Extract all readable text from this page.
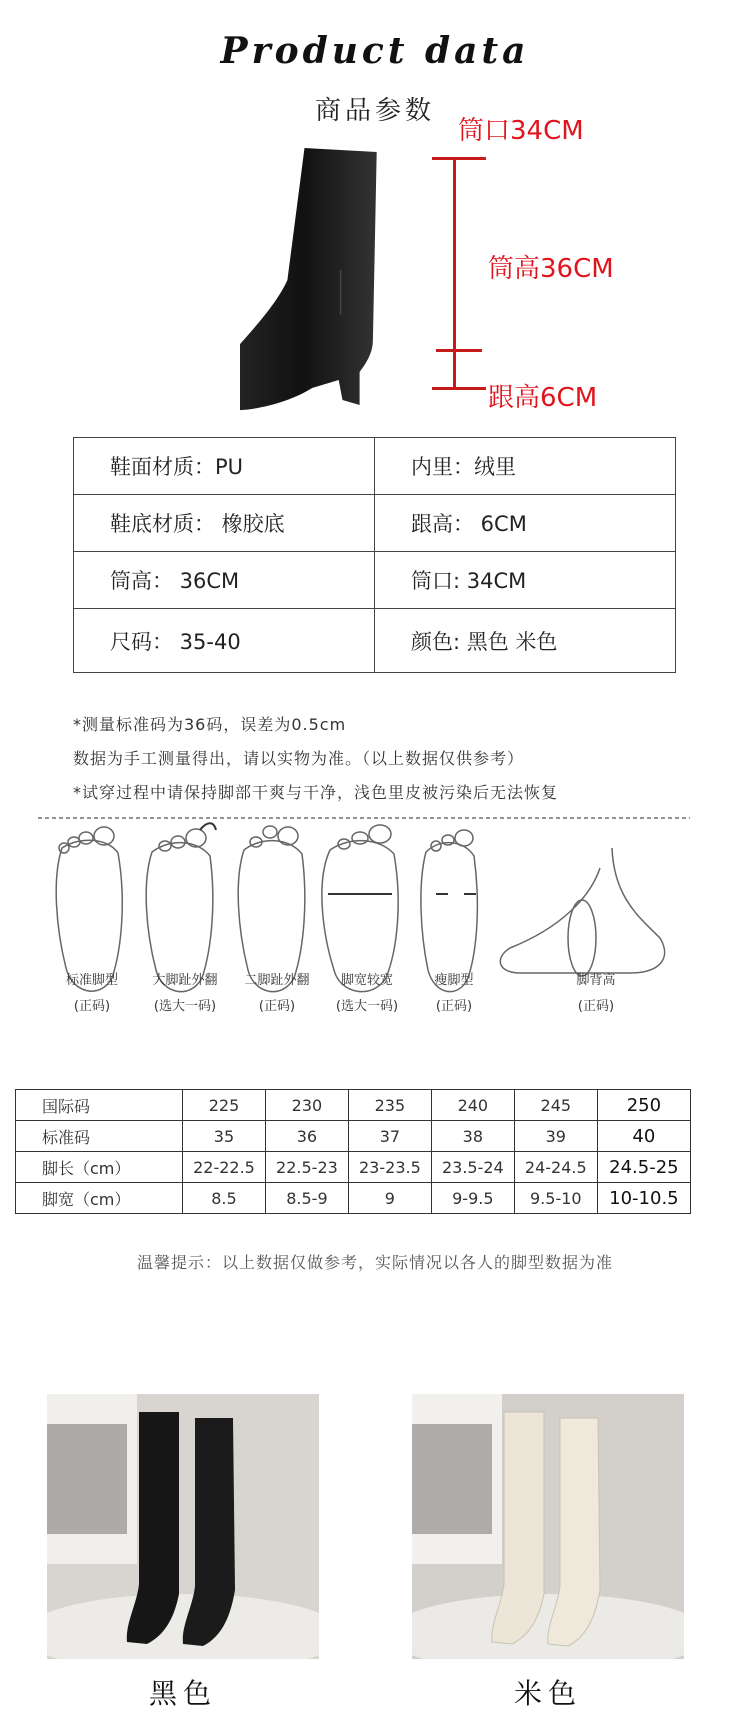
Product data
商品参数
筒口34CM
筒高36CM
跟高6CM
鞋面材质：PU	内里：绒里
鞋底材质： 橡胶底	跟高： 6CM
筒高： 36CM	筒口: 34CM
尺码： 35-40	颜色: 黑色 米色
*测量标准码为36码，误差为0.5cm
数据为手工测量得出，请以实物为准。（以上数据仅供参考）
*试穿过程中请保持脚部干爽与干净，浅色里皮被污染后无法恢复
标准脚型
(正码)
大脚趾外翻
(选大一码)
二脚趾外翻
(正码)
脚宽较宽
(选大一码)
瘦脚型
(正码)
脚背高
(正码)
国际码	225	230	235	240	245	250
标准码	35	36	37	38	39	40
脚长（cm）	22-22.5	22.5-23	23-23.5	23.5-24	24-24.5	24.5-25
脚宽（cm）	8.5	8.5-9	9	9-9.5	9.5-10	10-10.5
温馨提示：以上数据仅做参考，实际情况以各人的脚型数据为准
黑色	米色
